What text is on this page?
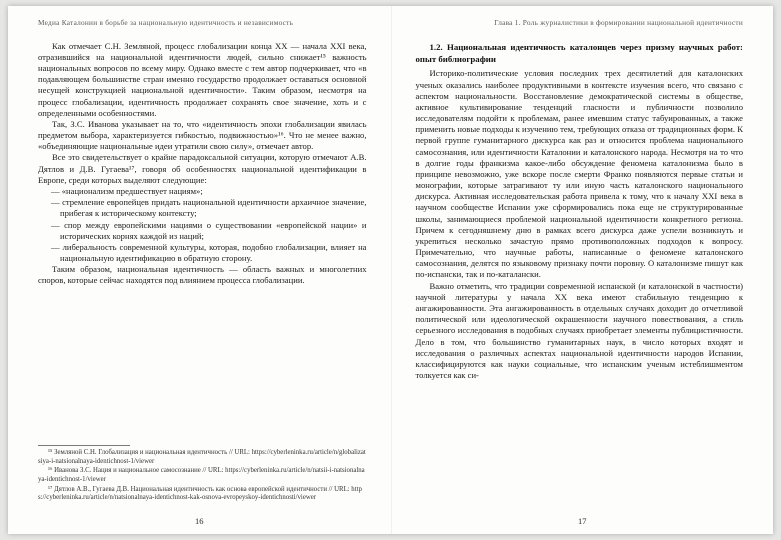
Медиа Каталонии в борьбе за национальную идентичность и независимость

Как отмечает С.Н. Земляной, процесс глобализации конца XX — начала XXI века, отразившийся на национальной идентичности людей, сильно снижает¹⁵ важность национальных вопросов по всему миру. Однако вместе с тем автор подчеркивает, что «в подавляющем большинстве стран именно государство продолжает оставаться основной несущей конструкцией национальной идентичности». Таким образом, несмотря на процесс глобализации, идентичность продолжает сохранять свое значение, хоть и с определенными особенностями.

Так, З.С. Иванова указывает на то, что «идентичность эпохи глобализации явилась предметом выбора, характеризуется гибкостью, подвижностью»¹⁶. Что не менее важно, «объединяющие национальные идеи утратили свою силу», отмечает автор.

Все это свидетельствует о крайне парадоксальной ситуации, которую отмечают А.В. Дятлов и Д.В. Гугаева¹⁷, говоря об особенностях национальной идентификации в Европе, среди которых выделяют следующие:

— «национализм предшествует нациям»;
— стремление европейцев придать национальной идентичности архаичное значение, прибегая к историческому контексту;
— спор между европейскими нациями о существовании «европейской нации» и исторических корнях каждой из наций;
— либеральность современной культуры, которая, подобно глобализации, влияет на национальную идентификацию в обратную сторону.

Таким образом, национальная идентичность — область важных и многолетних споров, которые сейчас находятся под влиянием процесса глобализации.

¹⁵ Земляной С.Н. Глобализация и национальная идентичность // URL: https://cyberleninka.ru/article/n/globalizatsiya-i-natsionalnaya-identichnost-1/viewer
¹⁶ Иванова З.С. Нация и национальное самосознание // URL: https://cyberleninka.ru/article/n/natsii-i-natsionalnaya-identichnost-1/viewer
¹⁷ Дятлов А.В., Гугаева Д.В. Национальная идентичность как основа европейской идентичности // URL: https://cyberleninka.ru/article/n/natsionalnaya-identichnost-kak-osnova-evropeyskoy-identichnosti/viewer
16
Глава 1. Роль журналистики в формировании национальной идентичности
1.2. Национальная идентичность каталонцев через призму научных работ: опыт библиографии

Историко-политические условия последних трех десятилетий для каталонских ученых оказались наиболее продуктивными в контексте изучения всего, что связано с аспектом национальности. Восстановление демократической системы в обществе, активное культивирование тенденций гласности и публичности позволило исследователям подойти к проблемам, ранее имевшим статус табуированных, а также применить новые подходы к изучению тем, требующих отказа от традиционных форм. К первой группе гуманитарного дискурса как раз и относится проблема национального самосознания, или идентичности Каталонии и каталонского народа. Несмотря на то что в долгие годы франкизма какое-либо обсуждение феномена каталонизма было в принципе невозможно, уже вскоре после смерти Франко появляются первые статьи и монографии, которые затрагивают ту или иную часть каталонского национального дискурса. Активная исследовательская работа привела к тому, что к началу XXI века в научном сообществе Испании уже сформировались пока еще не структурированные школы, занимающиеся проблемой национальной идентичности конкретного региона. Причем к сегодняшнему дню в рамках всего дискурса даже успели возникнуть и укрепиться несколько зачастую прямо противоположных подходов к вопросу. Примечательно, что научные работы, написанные о феномене каталонского самосознания, делятся по языковому признаку почти поровну. О каталонизме пишут как по-испански, так и по-каталански.

Важно отметить, что традиции современной испанской (и каталонской в частности) научной литературы у начала XX века имеют стабильную тенденцию к ангажированности. Эта ангажированность в отдельных случаях доходит до отчетливой политической или идеологической окрашенности научного повествования, а стиль серьезного исследования в подобных случаях приобретает элементы публицистичности. Дело в том, что большинство гуманитарных наук, в число которых входят и исследования о различных аспектах национальной идентичности народов Испании, классифицируются как науки социальные, что испанским ученым истеблишментом толкуется как си-

17
